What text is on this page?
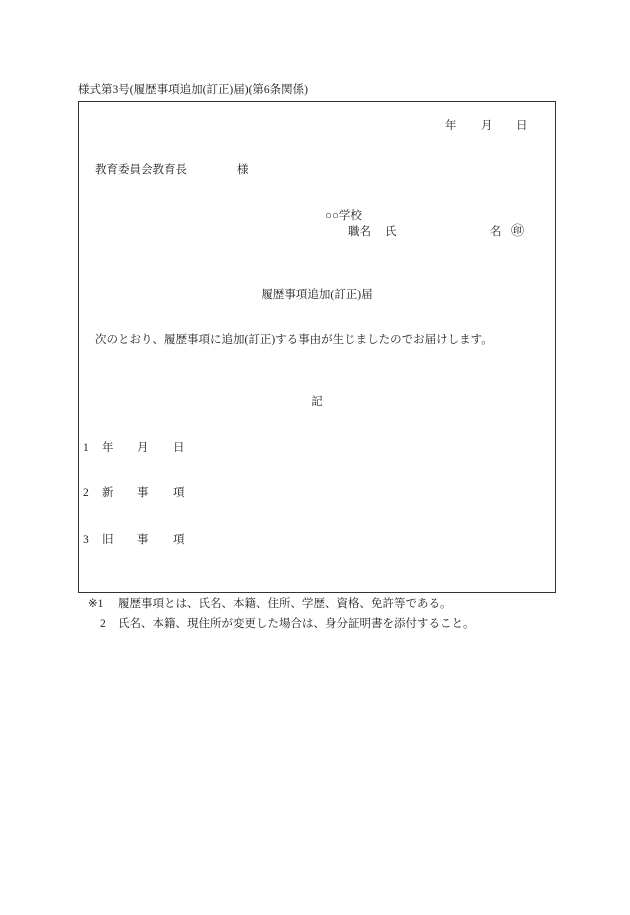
様式第3号(履歴事項追加(訂正)届)(第6条関係)
年 月 日
教育委員会教育長	様
○○学校
職名 氏	名 ㊞
履歴事項追加(訂正)届
次のとおり、履歴事項に追加(訂正)する事由が生じましたのでお届けします。
記
1 年 月 日
2 新 事 項
3 旧 事 項
※1 履歴事項とは、氏名、本籍、住所、学歴、資格、免許等である。
2 氏名、本籍、現住所が変更した場合は、身分証明書を添付すること。
